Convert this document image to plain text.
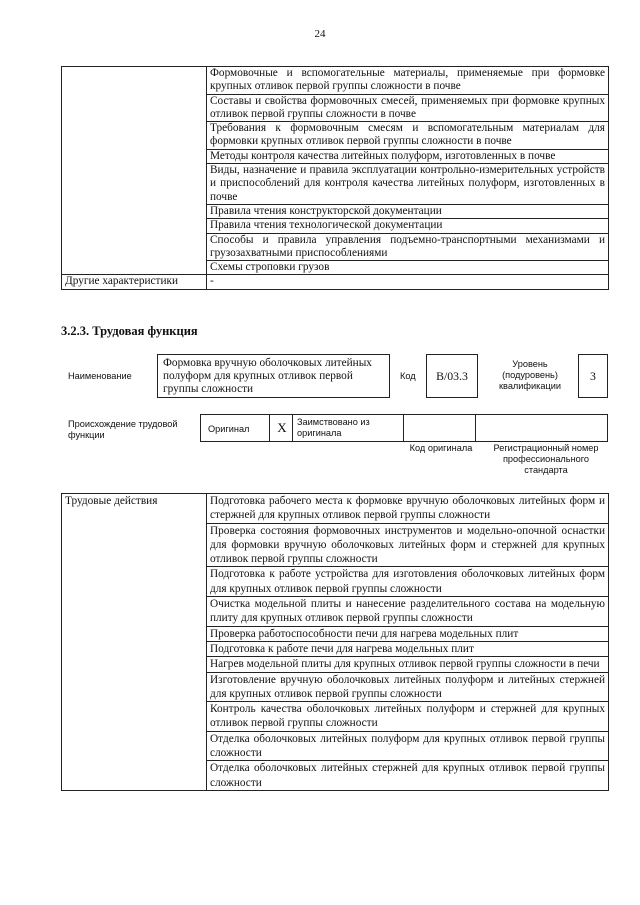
24
	Формовочные и вспомогательные материалы, применяемые при формовке крупных отливок первой группы сложности в почве
	Составы и свойства формовочных смесей, применяемых при формовке крупных отливок первой группы сложности в почве
	Требования к формовочным смесям и вспомогательным материалам для формовки крупных отливок первой группы сложности в почве
	Методы контроля качества литейных полуформ, изготовленных в почве
	Виды, назначение и правила эксплуатации контрольно-измерительных устройств и приспособлений для контроля качества литейных полуформ, изготовленных в почве
	Правила чтения конструкторской документации
	Правила чтения технологической документации
	Способы и правила управления подъемно-транспортными механизмами и грузозахватными приспособлениями
	Схемы строповки грузов
Другие характеристики	-
3.2.3. Трудовая функция
Наименование
Формовка вручную оболочковых литейных полуформ для крупных отливок первой группы сложности
Код	B/03.3
Уровень (подуровень) квалификации
3
Происхождение трудовой функции
Оригинал	X	Заимствовано из оригинала
Код оригинала	Регистрационный номер профессионального стандарта
Трудовые действия	Подготовка рабочего места к формовке вручную оболочковых литейных форм и стержней для крупных отливок первой группы сложности
Проверка состояния формовочных инструментов и модельно-опочной оснастки для формовки вручную оболочковых литейных форм и стержней для крупных отливок первой группы сложности
Подготовка к работе устройства для изготовления оболочковых литейных форм для крупных отливок первой группы сложности
Очистка модельной плиты и нанесение разделительного состава на модельную плиту для крупных отливок первой группы сложности
Проверка работоспособности печи для нагрева модельных плит
Подготовка к работе печи для нагрева модельных плит
Нагрев модельной плиты для крупных отливок первой группы сложности в печи
Изготовление вручную оболочковых литейных полуформ и литейных стержней для крупных отливок первой группы сложности
Контроль качества оболочковых литейных полуформ и стержней для крупных отливок первой группы сложности
Отделка оболочковых литейных полуформ для крупных отливок первой группы сложности
Отделка оболочковых литейных стержней для крупных отливок первой группы сложности
